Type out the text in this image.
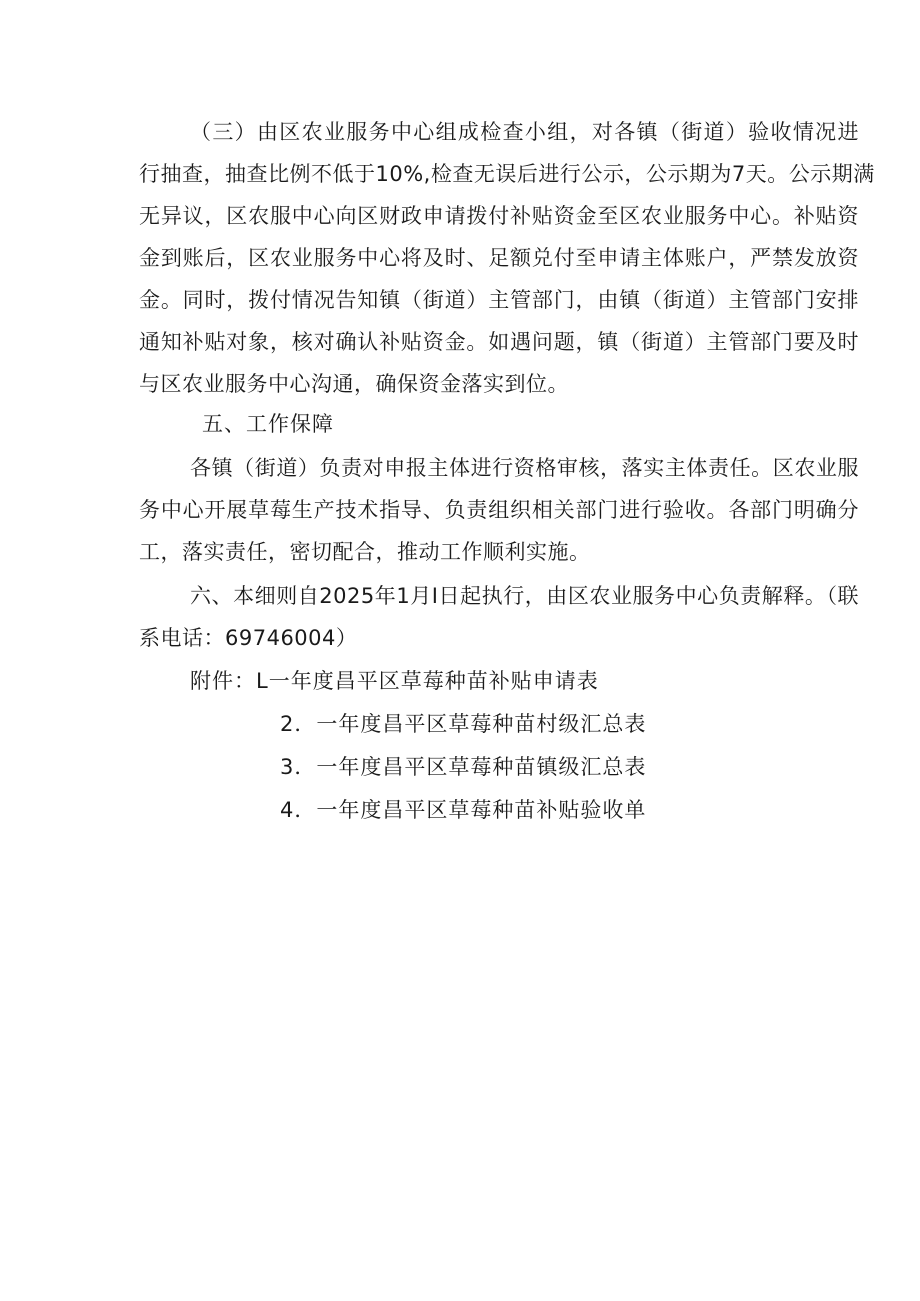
（三）由区农业服务中心组成检查小组，对各镇（街道）验收情况进
行抽查，抽查比例不低于10%,检查无误后进行公示，公示期为7天。公示期满
无异议，区农服中心向区财政申请拨付补贴资金至区农业服务中心。补贴资
金到账后，区农业服务中心将及时、足额兑付至申请主体账户，严禁发放资
金。同时，拨付情况告知镇（街道）主管部门，由镇（街道）主管部门安排
通知补贴对象，核对确认补贴资金。如遇问题，镇（街道）主管部门要及时
与区农业服务中心沟通，确保资金落实到位。
五、工作保障
各镇（街道）负责对申报主体进行资格审核，落实主体责任。区农业服
务中心开展草莓生产技术指导、负责组织相关部门进行验收。各部门明确分
工，落实责任，密切配合，推动工作顺利实施。
六、本细则自2025年1月I日起执行，由区农业服务中心负责解释。（联
系电话：69746004）
附件：L一年度昌平区草莓种苗补贴申请表
2．一年度昌平区草莓种苗村级汇总表
3．一年度昌平区草莓种苗镇级汇总表
4．一年度昌平区草莓种苗补贴验收单
